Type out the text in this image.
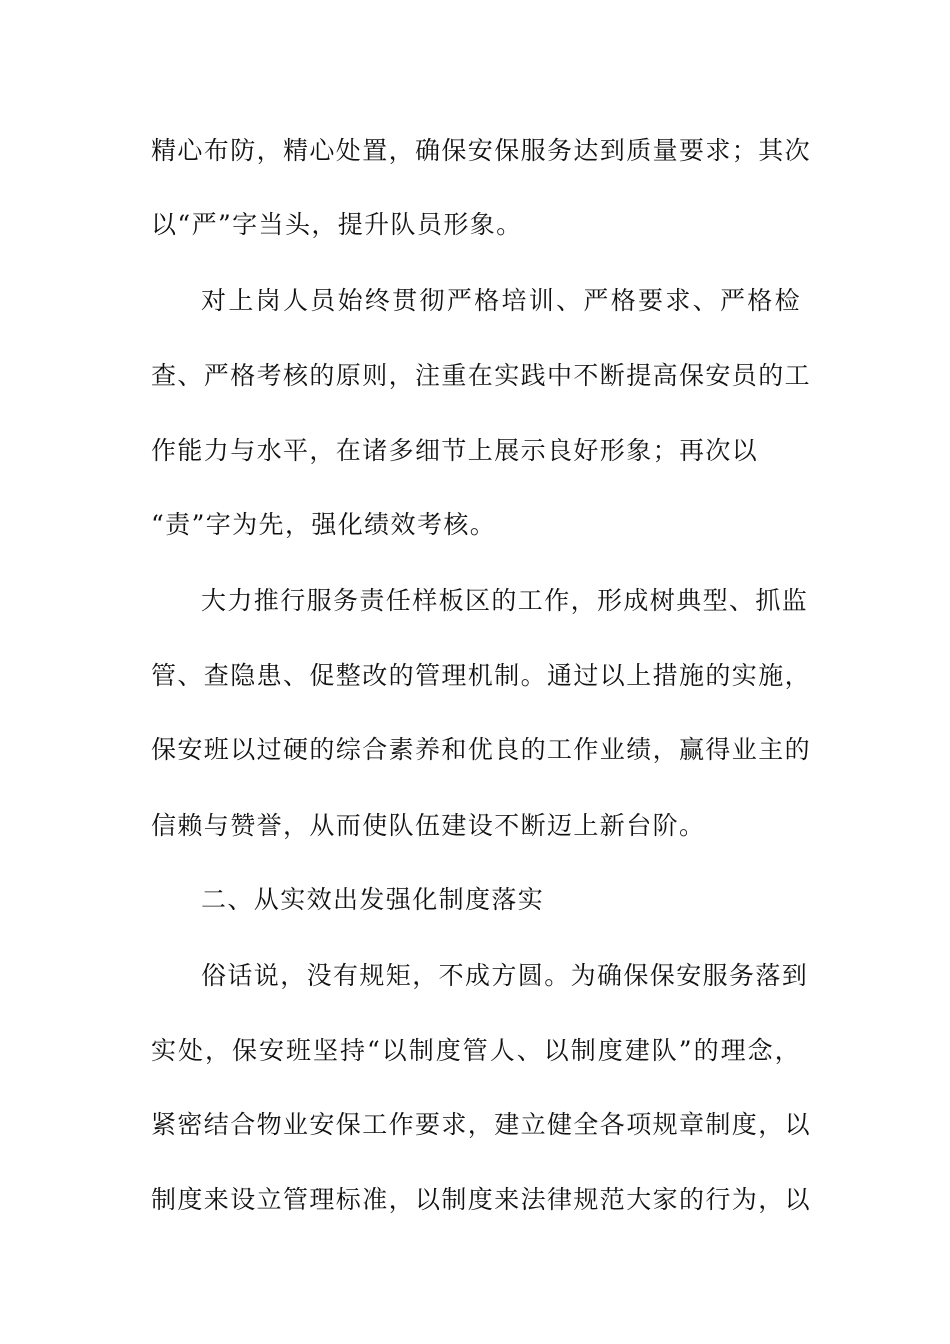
精心布防，精心处置，确保安保服务达到质量要求；其次
以“严”字当头，提升队员形象。
对上岗人员始终贯彻严格培训、严格要求、严格检
查、严格考核的原则，注重在实践中不断提高保安员的工
作能力与水平，在诸多细节上展示良好形象；再次以
“责”字为先，强化绩效考核。
大力推行服务责任样板区的工作，形成树典型、抓监
管、查隐患、促整改的管理机制。通过以上措施的实施，
保安班以过硬的综合素养和优良的工作业绩，赢得业主的
信赖与赞誉，从而使队伍建设不断迈上新台阶。
二、从实效出发强化制度落实
俗话说，没有规矩，不成方圆。为确保保安服务落到
实处，保安班坚持“以制度管人、以制度建队”的理念，
紧密结合物业安保工作要求，建立健全各项规章制度，以
制度来设立管理标准，以制度来法律规范大家的行为，以
